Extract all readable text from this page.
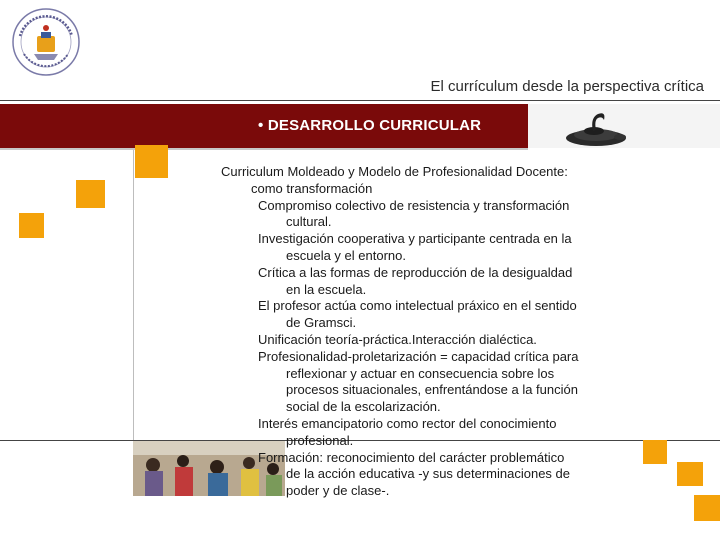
El currículum desde la perspectiva crítica
• DESARROLLO CURRICULAR

Curriculum Moldeado y Modelo de Profesionalidad Docente:

como transformación

Compromiso colectivo de resistencia y transformación

cultural.

Investigación cooperativa y participante centrada en la

escuela y el entorno.

Crítica a las formas de reproducción de la desigualdad

en la escuela.

El profesor actúa como intelectual práxico en el sentido

de Gramsci.

Unificación teoría-práctica.Interacción dialéctica.

Profesionalidad-proletarización = capacidad crítica para

reflexionar y actuar en consecuencia sobre los

procesos situacionales, enfrentándose a la función

social de la escolarización.

Interés emancipatorio como rector del conocimiento

profesional.

Formación: reconocimiento del carácter problemático

de la acción educativa -y sus determinaciones de

poder y de clase-.
